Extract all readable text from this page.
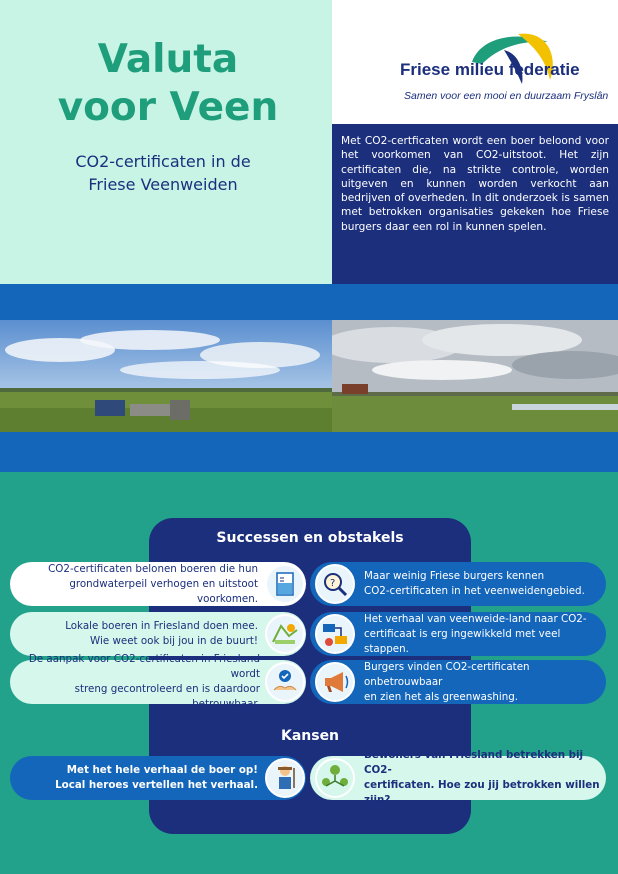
Valuta
voor Veen

CO2-certificaten in de
Friese Veenweiden

Friese milieu federatie
Samen voor een mooi en duurzaam Fryslân

Met CO2-certficaten wordt een boer beloond voor het voorkomen van CO2-uitstoot. Het zijn certificaten die, na strikte controle, worden uitgeven en kunnen worden verkocht aan bedrijven of overheden. In dit onderzoek is samen met betrokken organisaties gekeken hoe Friese burgers daar een rol in kunnen spelen.

Successen en obstakels
CO2-certificaten belonen boeren die hun
grondwaterpeil verhogen en uitstoot voorkomen.
Lokale boeren in Friesland doen mee.
Wie weet ook bij jou in de buurt!
De aanpak voor CO2-certificaten in Friesland wordt
streng gecontroleerd en is daardoor betrouwbaar.
Maar weinig Friese burgers kennen
CO2-certificaten in het veenweidengebied.
Het verhaal van veenweide-land naar CO2-
certificaat is erg ingewikkeld met veel stappen.
Burgers vinden CO2-certificaten onbetrouwbaar
en zien het als greenwashing.
?
Kansen
Met het hele verhaal de boer op!
Local heroes vertellen het verhaal.
Bewoners van Friesland betrekken bij CO2-
certificaten. Hoe zou jij betrokken willen zijn?
